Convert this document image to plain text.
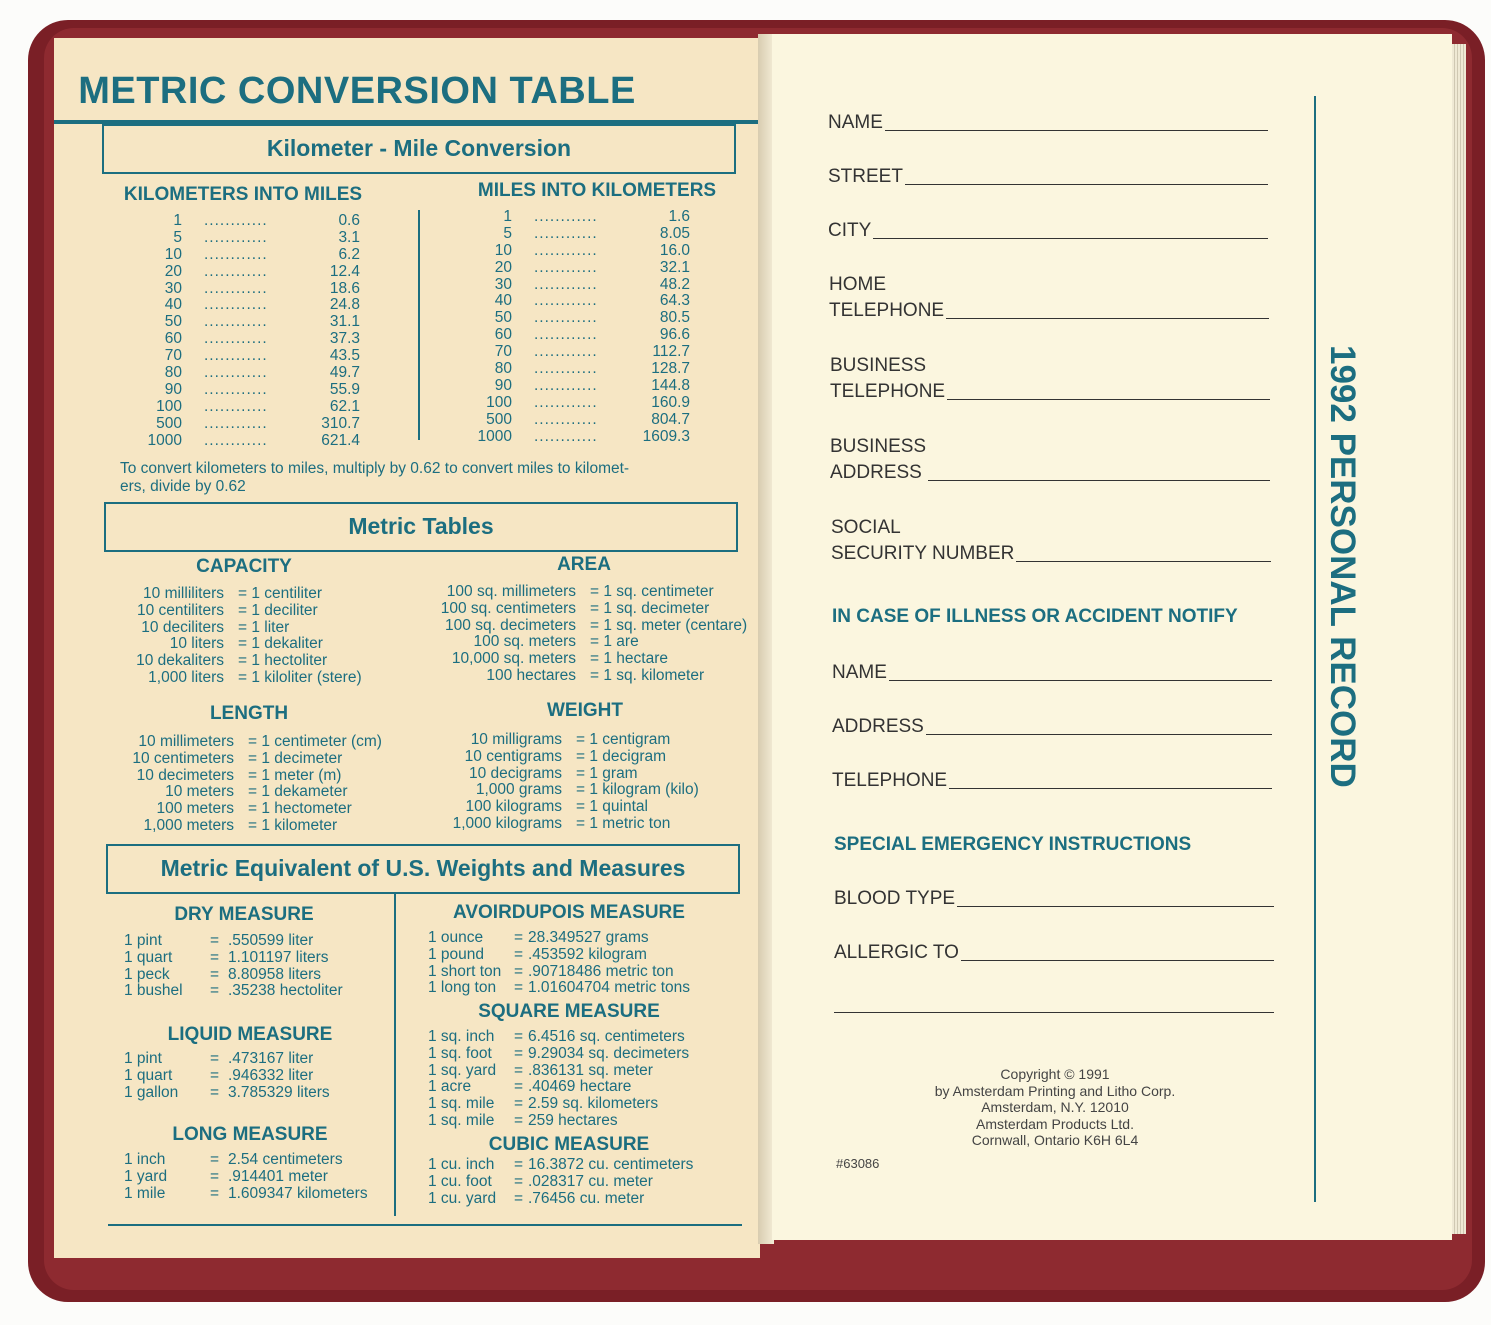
METRIC CONVERSION TABLE
Kilometer - Mile Conversion
KILOMETERS INTO MILES	MILES INTO KILOMETERS
1 ............	0.6
5 ............	3.1
10 ............	6.2
20 ............	12.4
30 ............	18.6
40 ............	24.8
50 ............	31.1
60 ............	37.3
70 ............	43.5
80 ............	49.7
90 ............	55.9
100 ............	62.1
500 ............	310.7
1000 ............	621.4
1 ............	1.6
5 ............	8.05
10 ............	16.0
20 ............	32.1
30 ............	48.2
40 ............	64.3
50 ............	80.5
60 ............	96.6
70 ............	112.7
80 ............	128.7
90 ............	144.8
100 ............	160.9
500 ............	804.7
1000 ............	1609.3
To convert kilometers to miles, multiply by 0.62 to convert miles to kilomet-
ers, divide by 0.62
Metric Tables
CAPACITY	AREA
10 milliliters = 1 centiliter
10 centiliters = 1 deciliter
10 deciliters = 1 liter
10 liters = 1 dekaliter
10 dekaliters = 1 hectoliter
1,000 liters = 1 kiloliter (stere)
100 sq. millimeters = 1 sq. centimeter
100 sq. centimeters = 1 sq. decimeter
100 sq. decimeters = 1 sq. meter (centare)
100 sq. meters = 1 are
10,000 sq. meters = 1 hectare
100 hectares = 1 sq. kilometer
LENGTH	WEIGHT
10 millimeters = 1 centimeter (cm)
10 centimeters = 1 decimeter
10 decimeters = 1 meter (m)
10 meters = 1 dekameter
100 meters = 1 hectometer
1,000 meters = 1 kilometer
10 milligrams = 1 centigram
10 centigrams = 1 decigram
10 decigrams = 1 gram
1,000 grams = 1 kilogram (kilo)
100 kilograms = 1 quintal
1,000 kilograms = 1 metric ton
Metric Equivalent of U.S. Weights and Measures
DRY MEASURE
1 pint	= .550599 liter
1 quart = 1.101197 liters
1 peck	= 8.80958 liters
1 bushel = .35238 hectoliter
LIQUID MEASURE
1 pint	= .473167 liter
1 quart = .946332 liter
1 gallon = 3.785329 liters
LONG MEASURE
1 inch	= 2.54 centimeters
1 yard	= .914401 meter
1 mile	= 1.609347 kilometers
AVOIRDUPOIS MEASURE
1 ounce = 28.349527 grams
1 pound = .453592 kilogram
1 short ton = .90718486 metric ton
1 long ton = 1.01604704 metric tons
SQUARE MEASURE
1 sq. inch = 6.4516 sq. centimeters
1 sq. foot = 9.29034 sq. decimeters
1 sq. yard = .836131 sq. meter
1 acre	= .40469 hectare
1 sq. mile = 2.59 sq. kilometers
1 sq. mile = 259 hectares
CUBIC MEASURE
1 cu. inch = 16.3872 cu. centimeters
1 cu. foot = .028317 cu. meter
1 cu. yard = .76456 cu. meter
NAME
STREET
CITY
HOME
TELEPHONE
BUSINESS
TELEPHONE
BUSINESS
ADDRESS
SOCIAL
SECURITY NUMBER
IN CASE OF ILLNESS OR ACCIDENT NOTIFY
NAME
ADDRESS
TELEPHONE
SPECIAL EMERGENCY INSTRUCTIONS
BLOOD TYPE
ALLERGIC TO
1992 PERSONAL RECORD
Copyright © 1991
by Amsterdam Printing and Litho Corp.
Amsterdam, N.Y. 12010
Amsterdam Products Ltd.
Cornwall, Ontario K6H 6L4
#63086
